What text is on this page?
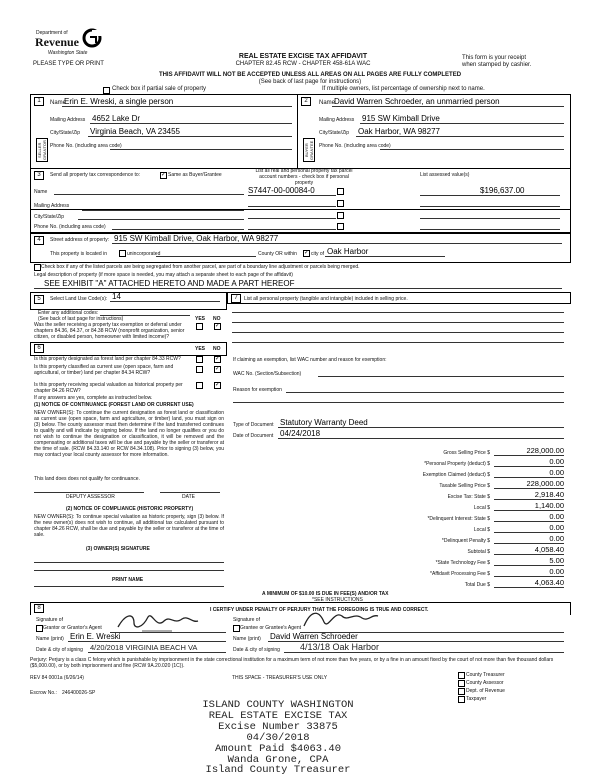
Department of
Revenue
Washington State
PLEASE TYPE OR PRINT
REAL ESTATE EXCISE TAX AFFIDAVIT
CHAPTER 82.45 RCW - CHAPTER 458-61A WAC
This form is your receipt
when stamped by cashier.
THIS AFFIDAVIT WILL NOT BE ACCEPTED UNLESS ALL AREAS ON ALL PAGES ARE FULLY COMPLETED
(See back of last page for instructions)
Check box if partial sale of property	If multiple owners, list percentage of ownership next to name.
1	2
SELLER GRANTOR	BUYER GRANTEE
Name
Erin E. Wreski, a single person
Mailing Address 4652 Lake Dr
City/State/Zip Virginia Beach, VA 23455
Phone No. (including area code)
Name
David Warren Schroeder, an unmarried person
Mailing Address 915 SW Kimball Drive
City/State/Zip Oak Harbor, WA 98277
Phone No. (including area code)
3	Send all property tax correspondence to:	✓ Same as Buyer/Grantee
List all real and personal property tax parcel
account numbers - check box if personal property
List assessed value(s)
Name
Mailing Address
S7447-00-00084-0	$196,637.00
City/State/Zip
Phone No. (including area code)
4	Street address of property: 915 SW Kimball Drive, Oak Harbor, WA 98277
This property is located in	unincorporated	County OR within ✓ city of Oak Harbor
Check box if any of the listed parcels are being segregated from another parcel, are part of a boundary line adjustment or parcels being merged.
Legal description of property (if more space is needed, you may attach a separate sheet to each page of the affidavit)
SEE EXHIBIT "A" ATTACHED HERETO AND MADE A PART HEREOF
5	Select Land Use Code(s): 14
Enter any additional codes:
(See back of last page for instructions)	YES NO
Was the seller receiving a property tax exemption or deferral under chapters 84.36, 84.37, or 84.38 RCW (nonprofit organization, senior citizen, or disabled person, homeowner with limited income)?
✓
6	YES NO
Is this property designated as forest land per chapter 84.33 RCW?	✓
Is this property classified as current use (open space, farm and agricultural, or timber) land per chapter 84.34 RCW?
✓
Is this property receiving special valuation as historical property per chapter 84.26 RCW?
✓
If any answers are yes, complete as instructed below.
(1) NOTICE OF CONTINUANCE (FOREST LAND OR CURRENT USE)
NEW OWNER(S): To continue the current designation as forest land or classification as current use (open space, farm and agriculture, or timber) land, you must sign on (3) below. The county assessor must then determine if the land transferred continues to qualify and will indicate by signing below. If the land no longer qualifies or you do not wish to continue the designation or classification, it will be removed and the compensating or additional taxes will be due and payable by the seller or transferor at the time of sale. (RCW 84.33.140 or RCW 84.34.108). Prior to signing (3) below, you may contact your local county assessor for more information.
This land does does not qualify for continuance.
DEPUTY ASSESSOR	DATE
(2) NOTICE OF COMPLIANCE (HISTORIC PROPERTY)
NEW OWNER(S): To continue special valuation as historic property, sign (3) below. If the new owner(s) does not wish to continue, all additional tax calculated pursuant to chapter 84.26 RCW, shall be due and payable by the seller or transferor at the time of sale.
(3) OWNER(S) SIGNATURE
PRINT NAME
7	List all personal property (tangible and intangible) included in selling price.
If claiming an exemption, list WAC number and reason for exemption:
WAC No. (Section/Subsection)
Reason for exemption
Type of Document Statutory Warranty Deed
Date of Document 04/24/2018
Gross Selling Price $	228,000.00
*Personal Property (deduct) $	0.00
Exemption Claimed (deduct) $	0.00
Taxable Selling Price $	228,000.00
Excise Tax: State $	2,918.40
Local $	1,140.00
*Delinquent Interest: State $	0.00
Local $	0.00
*Delinquent Penalty $	0.00
Subtotal $	4,058.40
*State Technology Fee $	5.00
*Affidavit Processing Fee $	0.00
Total Due $	4,063.40
A MINIMUM OF $10.00 IS DUE IN FEE(S) AND/OR TAX
*SEE INSTRUCTIONS
8	I CERTIFY UNDER PENALTY OF PERJURY THAT THE FOREGOING IS TRUE AND CORRECT.
Signature of
Grantor or Grantor's Agent
Name (print) Erin E. Wreski
Date & city of signing 4/20/2018 VIRGINIA BEACH VA
Signature of
Grantee or Grantee's Agent
Name (print) David Warren Schroeder
Date & city of signing 4/13/18 Oak Harbor
Perjury: Perjury is a class C felony which is punishable by imprisonment in the state correctional institution for a maximum term of not more than five years, or by a fine in an amount fixed by the court of not more than five thousand dollars ($5,000.00), or by both imprisonment and fine (RCW 9A.20.020 (1C)).
REV 84 0001a (6/26/14)	THIS SPACE - TREASURER'S USE ONLY
Escrow No.: 246400026-SP
County Treasurer
County Assessor
Dept. of Revenue
Taxpayer
ISLAND COUNTY WASHINGTON
REAL ESTATE EXCISE TAX
Excise Number 33875
04/30/2018
Amount Paid $4063.40
Wanda Grone, CPA
Island County Treasurer
